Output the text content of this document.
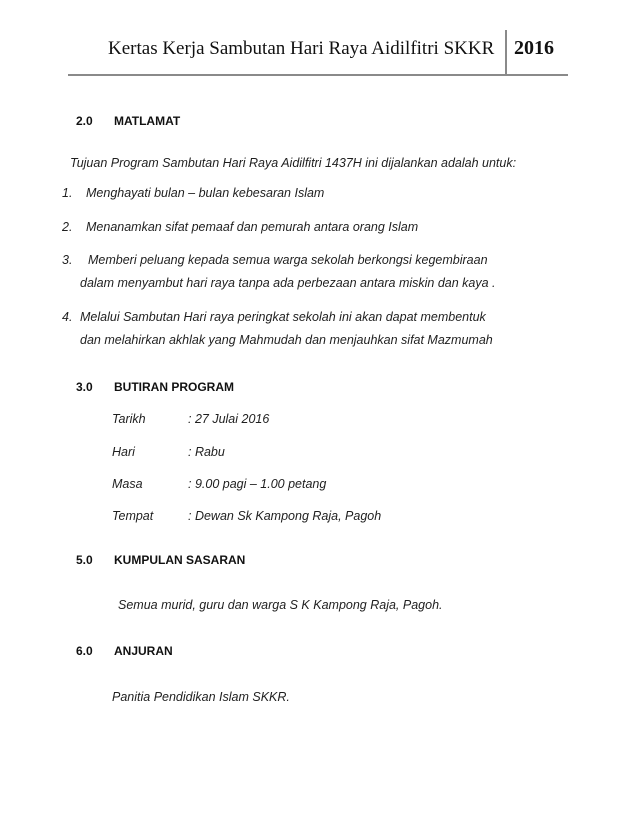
Kertas Kerja Sambutan Hari Raya Aidilfitri SKKR 2016
2.0 MATLAMAT
Tujuan Program Sambutan Hari Raya Aidilfitri 1437H ini dijalankan adalah untuk:
1. Menghayati bulan – bulan kebesaran Islam
2. Menanamkan sifat pemaaf dan pemurah antara orang Islam
3. Memberi peluang kepada semua warga sekolah berkongsi kegembiraan
dalam menyambut hari raya tanpa ada perbezaan antara miskin dan kaya .
4. Melalui Sambutan Hari raya peringkat sekolah ini akan dapat membentuk
dan melahirkan akhlak yang Mahmudah dan menjauhkan sifat Mazmumah
3.0 BUTIRAN PROGRAM
Tarikh	: 27 Julai 2016
Hari	: Rabu
Masa	: 9.00 pagi – 1.00 petang
Tempat	: Dewan Sk Kampong Raja, Pagoh
5.0 KUMPULAN SASARAN
Semua murid, guru dan warga S K Kampong Raja, Pagoh.
6.0 ANJURAN
Panitia Pendidikan Islam SKKR.
